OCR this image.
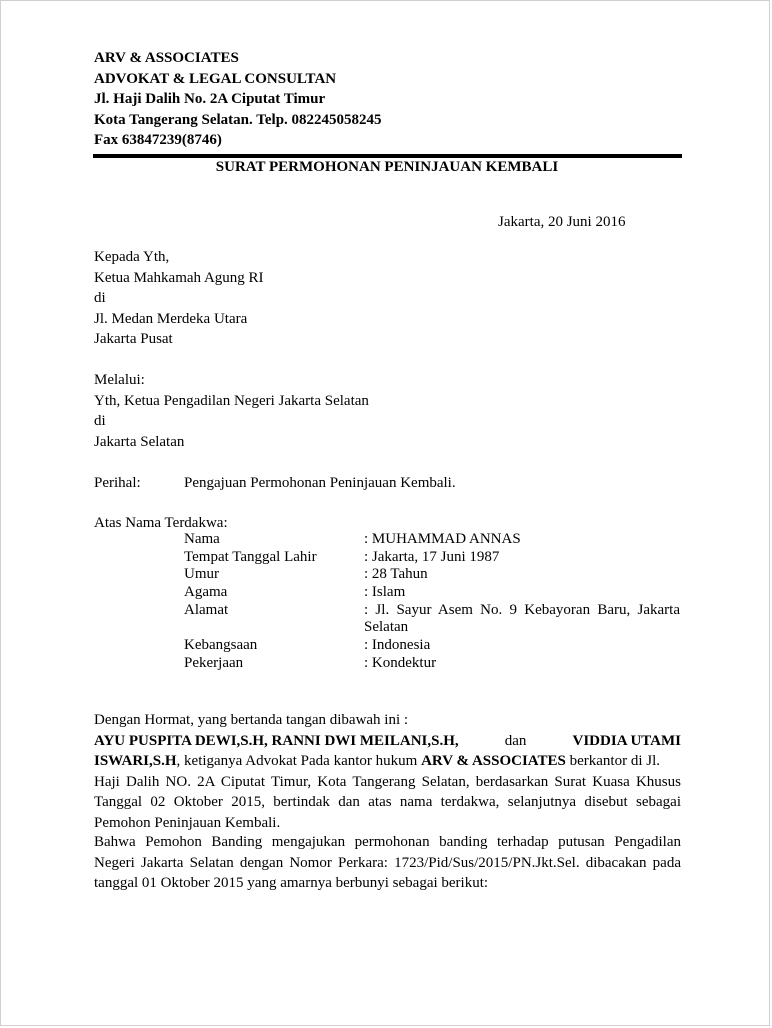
ARV & ASSOCIATES
ADVOKAT & LEGAL CONSULTAN
Jl. Haji Dalih No. 2A Ciputat Timur
Kota Tangerang Selatan. Telp. 082245058245
Fax 63847239(8746)
SURAT PERMOHONAN PENINJAUAN KEMBALI
Jakarta, 20 Juni 2016
Kepada Yth,
Ketua Mahkamah Agung RI
di
Jl. Medan Merdeka Utara
Jakarta Pusat
Melalui:
Yth, Ketua Pengadilan Negeri Jakarta Selatan
di
Jakarta Selatan
Perihal:	Pengajuan Permohonan Peninjauan Kembali.
Atas Nama Terdakwa:
Nama	: MUHAMMAD ANNAS
Tempat Tanggal Lahir	: Jakarta, 17 Juni 1987
Umur	: 28 Tahun
Agama	: Islam
Alamat	: Jl. Sayur Asem No. 9 Kebayoran Baru, Jakarta
Selatan
Kebangsaan	: Indonesia
Pekerjaan	: Kondektur
Dengan Hormat, yang bertanda tangan dibawah ini :
AYU PUSPITA DEWI,S.H, RANNI DWI MEILANI,S.H,	dan	VIDDIA UTAMI
ISWARI,S.H, ketiganya Advokat Pada kantor hukum ARV & ASSOCIATES berkantor di Jl.
Haji Dalih NO. 2A Ciputat Timur, Kota Tangerang Selatan, berdasarkan Surat Kuasa Khusus
Tanggal 02 Oktober 2015, bertindak dan atas nama terdakwa, selanjutnya disebut sebagai
Pemohon Peninjauan Kembali.
Bahwa Pemohon Banding mengajukan permohonan banding terhadap putusan Pengadilan
Negeri Jakarta Selatan dengan Nomor Perkara: 1723/Pid/Sus/2015/PN.Jkt.Sel. dibacakan pada
tanggal 01 Oktober 2015 yang amarnya berbunyi sebagai berikut:
